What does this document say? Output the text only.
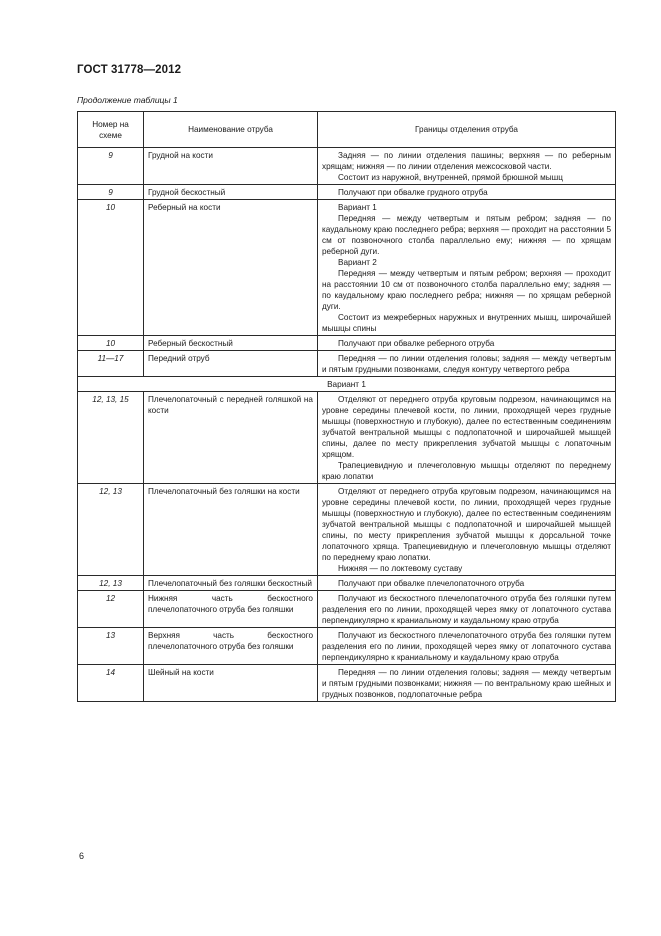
ГОСТ 31778—2012
Продолжение таблицы 1
Номер на схеме	Наименование отруба	Границы отделения отруба
9	Грудной на кости	Задняя — по линии отделения пашины; верхняя — по реберным хрящам; нижняя — по линии отделения межсосковой части.
Состоит из наружной, внутренней, прямой брюшной мышц

9	Грудной бескостный	Получают при обвалке грудного отруба

10	Реберный на кости	Вариант 1
Передняя — между четвертым и пятым ребром; задняя — по каудальному краю последнего ребра; верхняя — проходит на расстоянии 5 см от позвоночного столба параллельно ему; нижняя — по хрящам реберной дуги.
Вариант 2
Передняя — между четвертым и пятым ребром; верхняя — проходит на расстоянии 10 см от позвоночного столба параллельно ему; задняя — по каудальному краю последнего ребра; нижняя — по хрящам реберной дуги.
Состоит из межреберных наружных и внутренних мышц, широчайшей мышцы спины

10	Реберный бескостный	Получают при обвалке реберного отруба

11—17	Передний отруб	Передняя — по линии отделения головы; задняя — между четвертым и пятым грудными позвонками, следуя контуру четвертого ребра

Вариант 1		
12, 13, 15	Плечелопаточный с передней голяшкой на кости	Отделяют от переднего отруба круговым подрезом, начинающимся на уровне середины плечевой кости, по линии, проходящей через грудные мышцы (поверхностную и глубокую), далее по естественным соединениям зубчатой вентральной мышцы с подлопаточной и широчайшей мышцей спины, далее по месту прикрепления зубчатой мышцы с лопаточным хрящом.
Трапециевидную и плечеголовную мышцы отделяют по переднему краю лопатки

12, 13	Плечелопаточный без голяшки на кости	Отделяют от переднего отруба круговым подрезом, начинающимся на уровне середины плечевой кости, по линии, проходящей через грудные мышцы (поверхностную и глубокую), далее по естественным соединениям зубчатой вентральной мышцы с подлопаточной и широчайшей мышцей спины, по месту прикрепления зубчатой мышцы к дорсальной точке лопаточного хряща. Трапециевидную и плечеголовную мышцы отделяют по переднему краю лопатки.
Нижняя — по локтевому суставу

12, 13	Плечелопаточный без голяшки бескостный	Получают при обвалке плечелопаточного отруба

12	Нижняя часть бескостного плечелопаточного отруба без голяшки	Получают из бескостного плечелопаточного отруба без голяшки путем разделения его по линии, проходящей через ямку от лопаточного сустава перпендикулярно к краниальному и каудальному краю отруба

13	Верхняя часть бескостного плечелопаточного отруба без голяшки	Получают из бескостного плечелопаточного отруба без голяшки путем разделения его по линии, проходящей через ямку от лопаточного сустава перпендикулярно к краниальному и каудальному краю отруба

14	Шейный на кости	Передняя — по линии отделения головы; задняя — между четвертым и пятым грудными позвонками; нижняя — по вентральному краю шейных и грудных позвонков, подлопаточные ребра
6
